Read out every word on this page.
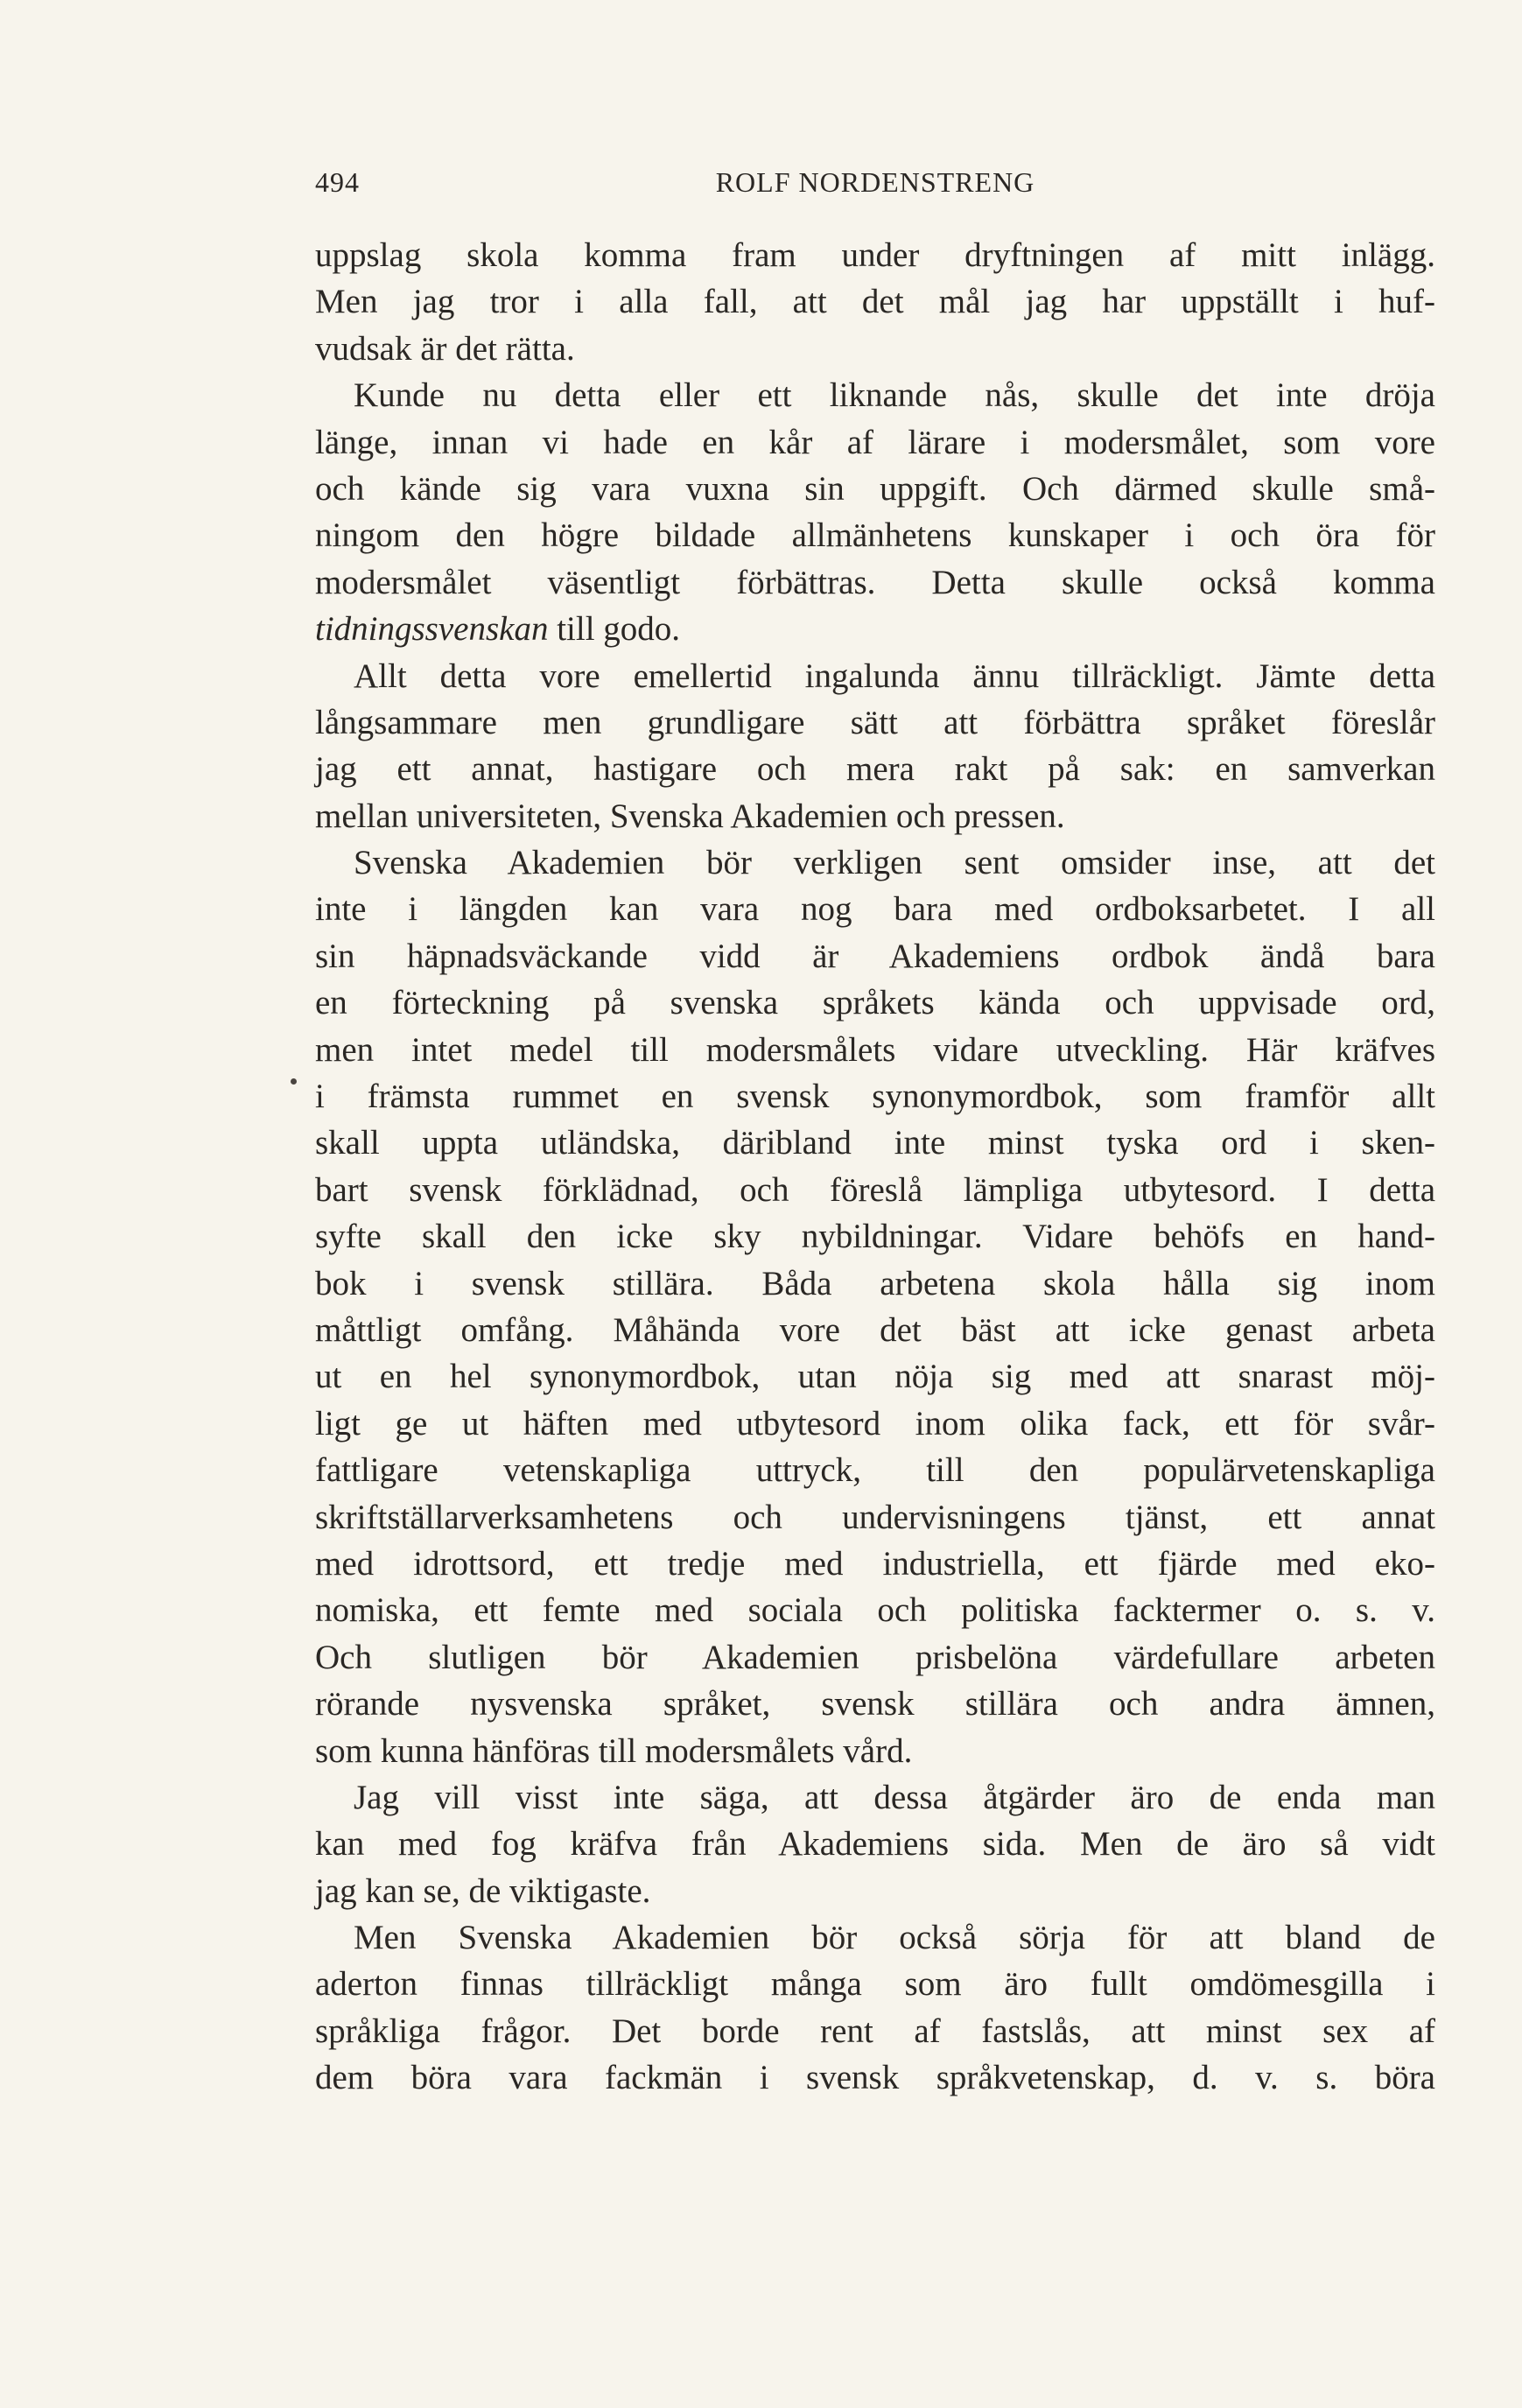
494	ROLF NORDENSTRENG
uppslag skola komma fram under dryftningen af mitt inlägg.
Men jag tror i alla fall, att det mål jag har uppställt i huf-
vudsak är det rätta.
Kunde nu detta eller ett liknande nås, skulle det inte dröja
länge, innan vi hade en kår af lärare i modersmålet, som vore
och kände sig vara vuxna sin uppgift. Och därmed skulle små-
ningom den högre bildade allmänhetens kunskaper i och öra för
modersmålet väsentligt förbättras. Detta skulle också komma
tidningssvenskan till godo.
Allt detta vore emellertid ingalunda ännu tillräckligt. Jämte detta
långsammare men grundligare sätt att förbättra språket föreslår
jag ett annat, hastigare och mera rakt på sak: en samverkan
mellan universiteten, Svenska Akademien och pressen.
Svenska Akademien bör verkligen sent omsider inse, att det
inte i längden kan vara nog bara med ordboksarbetet. I all
sin häpnadsväckande vidd är Akademiens ordbok ändå bara
en förteckning på svenska språkets kända och uppvisade ord,
men intet medel till modersmålets vidare utveckling. Här kräfves
i främsta rummet en svensk synonymordbok, som framför allt
skall uppta utländska, däribland inte minst tyska ord i sken-
bart svensk förklädnad, och föreslå lämpliga utbytesord. I detta
syfte skall den icke sky nybildningar. Vidare behöfs en hand-
bok i svensk stillära. Båda arbetena skola hålla sig inom
måttligt omfång. Måhända vore det bäst att icke genast arbeta
ut en hel synonymordbok, utan nöja sig med att snarast möj-
ligt ge ut häften med utbytesord inom olika fack, ett för svår-
fattligare vetenskapliga uttryck, till den populärvetenskapliga
skriftställarverksamhetens och undervisningens tjänst, ett annat
med idrottsord, ett tredje med industriella, ett fjärde med eko-
nomiska, ett femte med sociala och politiska facktermer o. s. v.
Och slutligen bör Akademien prisbelöna värdefullare arbeten
rörande nysvenska språket, svensk stillära och andra ämnen,
som kunna hänföras till modersmålets vård.
Jag vill visst inte säga, att dessa åtgärder äro de enda man
kan med fog kräfva från Akademiens sida. Men de äro så vidt
jag kan se, de viktigaste.
Men Svenska Akademien bör också sörja för att bland de
aderton finnas tillräckligt många som äro fullt omdömesgilla i
språkliga frågor. Det borde rent af fastslås, att minst sex af
dem böra vara fackmän i svensk språkvetenskap, d. v. s. böra
